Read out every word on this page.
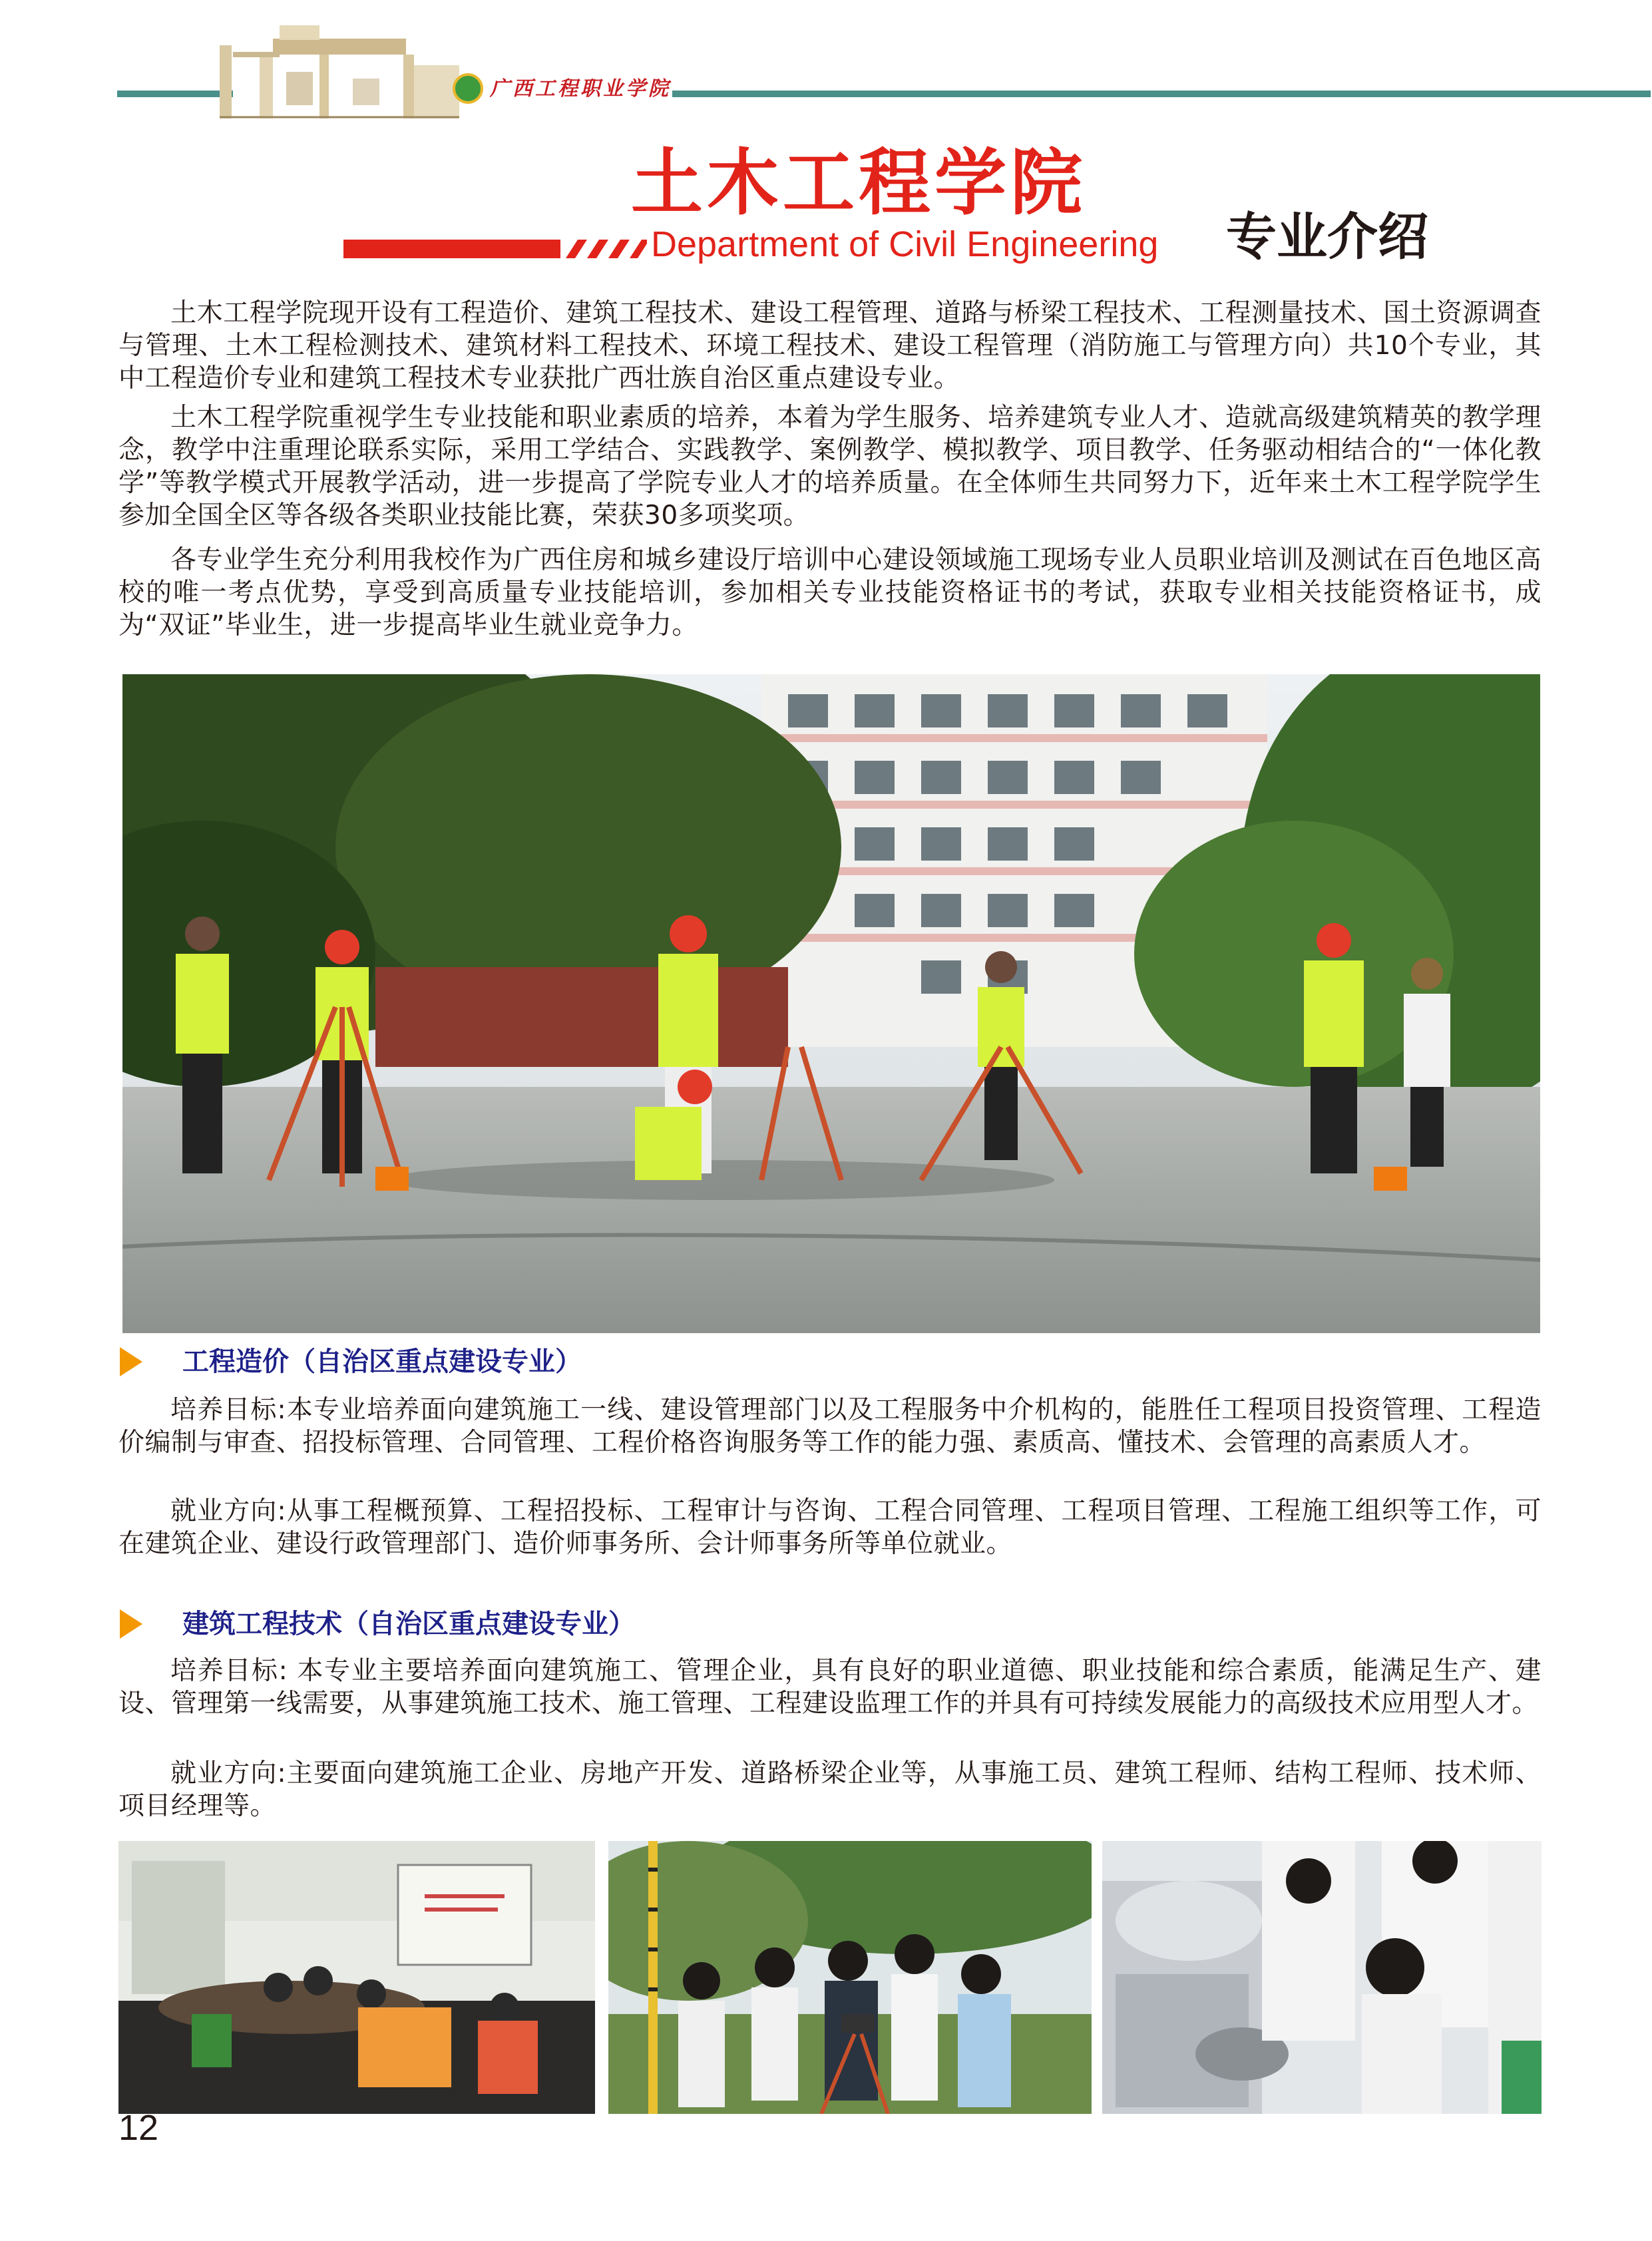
广西工程职业学院
土木工程学院
Department of Civil Engineering 专业介绍

土木工程学院现开设有工程造价、建筑工程技术、建设工程管理、道路与桥梁工程技术、工程测量技术、国土资源调查与管理、土木工程检测技术、建筑材料工程技术、环境工程技术、建设工程管理（消防施工与管理方向）共10个专业，其中工程造价专业和建筑工程技术专业获批广西壮族自治区重点建设专业。

土木工程学院重视学生专业技能和职业素质的培养，本着为学生服务、培养建筑专业人才、造就高级建筑精英的教学理念，教学中注重理论联系实际，采用工学结合、实践教学、案例教学、模拟教学、项目教学、任务驱动相结合的“一体化教学”等教学模式开展教学活动，进一步提高了学院专业人才的培养质量。在全体师生共同努力下，近年来土木工程学院学生参加全国全区等各级各类职业技能比赛，荣获30多项奖项。

各专业学生充分利用我校作为广西住房和城乡建设厅培训中心建设领域施工现场专业人员职业培训及测试在百色地区高校的唯一考点优势，享受到高质量专业技能培训，参加相关专业技能资格证书的考试，获取专业相关技能资格证书，成为“双证”毕业生，进一步提高毕业生就业竞争力。

工程造价（自治区重点建设专业）

培养目标:本专业培养面向建筑施工一线、建设管理部门以及工程服务中介机构的，能胜任工程项目投资管理、工程造价编制与审查、招投标管理、合同管理、工程价格咨询服务等工作的能力强、素质高、懂技术、会管理的高素质人才。

就业方向:从事工程概预算、工程招投标、工程审计与咨询、工程合同管理、工程项目管理、工程施工组织等工作，可在建筑企业、建设行政管理部门、造价师事务所、会计师事务所等单位就业。

建筑工程技术（自治区重点建设专业）

培养目标: 本专业主要培养面向建筑施工、管理企业，具有良好的职业道德、职业技能和综合素质，能满足生产、建设、管理第一线需要，从事建筑施工技术、施工管理、工程建设监理工作的并具有可持续发展能力的高级技术应用型人才。

就业方向:主要面向建筑施工企业、房地产开发、道路桥梁企业等，从事施工员、建筑工程师、结构工程师、技术师、项目经理等。

12
